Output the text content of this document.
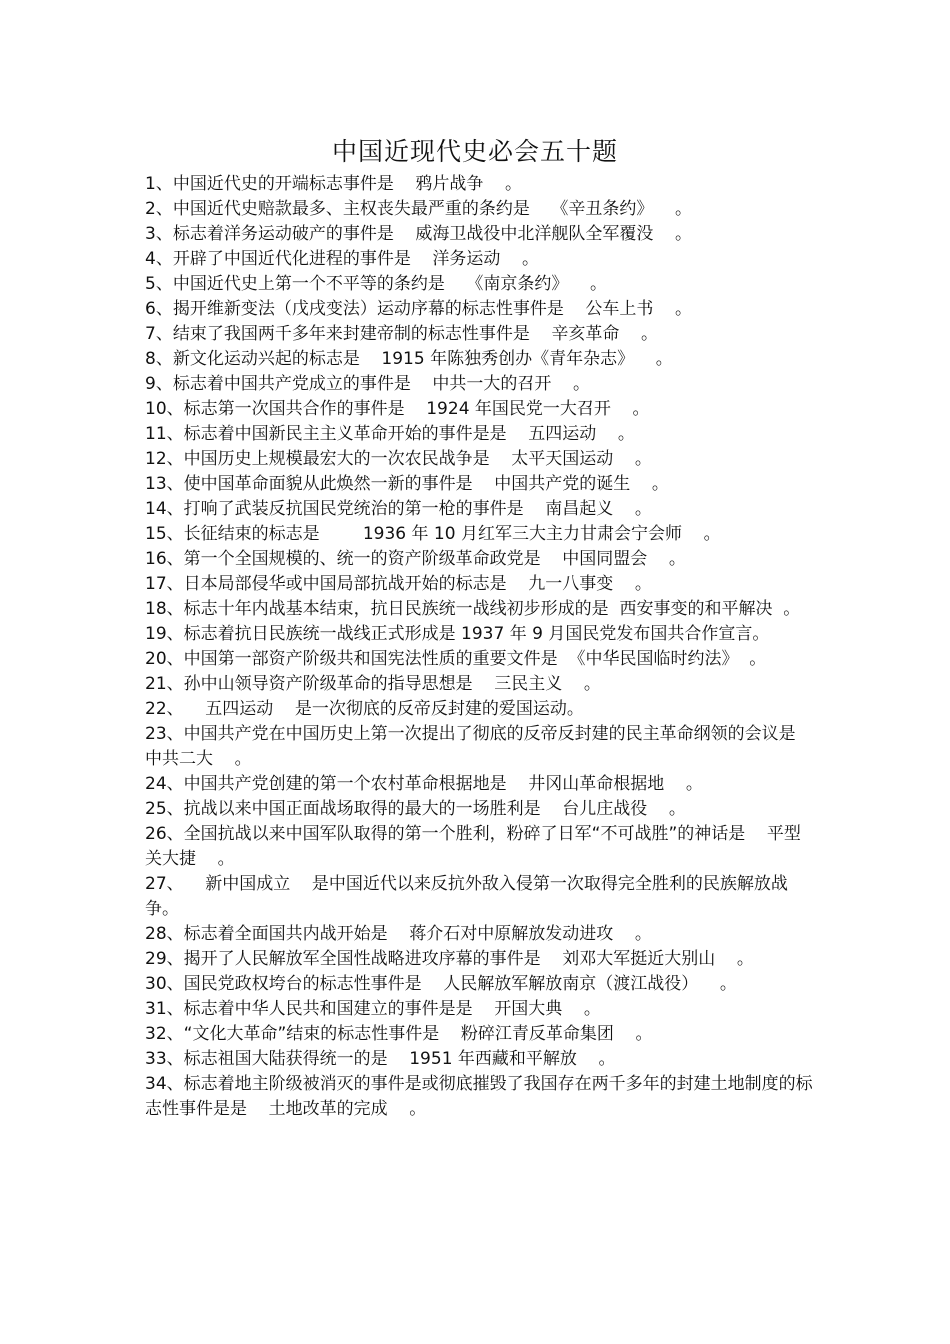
中国近现代史必会五十题

1、中国近代史的开端标志事件是    鸦片战争    。

2、中国近代史赔款最多、主权丧失最严重的条约是    《辛丑条约》    。

3、标志着洋务运动破产的事件是    威海卫战役中北洋舰队全军覆没    。

4、开辟了中国近代化进程的事件是    洋务运动    。

5、中国近代史上第一个不平等的条约是    《南京条约》    。

6、揭开维新变法（戊戌变法）运动序幕的标志性事件是    公车上书    。

7、结束了我国两千多年来封建帝制的标志性事件是    辛亥革命    。

8、新文化运动兴起的标志是    1915 年陈独秀创办《青年杂志》    。

9、标志着中国共产党成立的事件是    中共一大的召开    。

10、标志第一次国共合作的事件是    1924 年国民党一大召开    。

11、标志着中国新民主主义革命开始的事件是是    五四运动    。

12、中国历史上规模最宏大的一次农民战争是    太平天国运动    。

13、使中国革命面貌从此焕然一新的事件是    中国共产党的诞生    。

14、打响了武装反抗国民党统治的第一枪的事件是    南昌起义    。

15、长征结束的标志是        1936 年 10 月红军三大主力甘肃会宁会师    。

16、第一个全国规模的、统一的资产阶级革命政党是    中国同盟会    。

17、日本局部侵华或中国局部抗战开始的标志是    九一八事变    。

18、标志十年内战基本结束，抗日民族统一战线初步形成的是  西安事变的和平解决  。

19、标志着抗日民族统一战线正式形成是 1937 年 9 月国民党发布国共合作宣言。

20、中国第一部资产阶级共和国宪法性质的重要文件是  《中华民国临时约法》  。

21、孙中山领导资产阶级革命的指导思想是    三民主义    。

22、    五四运动    是一次彻底的反帝反封建的爱国运动。

23、中国共产党在中国历史上第一次提出了彻底的反帝反封建的民主革命纲领的会议是    中共二大    。

24、中国共产党创建的第一个农村革命根据地是    井冈山革命根据地    。

25、抗战以来中国正面战场取得的最大的一场胜利是    台儿庄战役    。

26、全国抗战以来中国军队取得的第一个胜利，粉碎了日军“不可战胜”的神话是    平型关大捷    。

27、    新中国成立    是中国近代以来反抗外敌入侵第一次取得完全胜利的民族解放战争。

28、标志着全面国共内战开始是    蒋介石对中原解放发动进攻    。

29、揭开了人民解放军全国性战略进攻序幕的事件是    刘邓大军挺近大别山    。

30、国民党政权垮台的标志性事件是    人民解放军解放南京（渡江战役）    。

31、标志着中华人民共和国建立的事件是是    开国大典    。

32、“文化大革命”结束的标志性事件是    粉碎江青反革命集团    。

33、标志祖国大陆获得统一的是    1951 年西藏和平解放    。

34、标志着地主阶级被消灭的事件是或彻底摧毁了我国存在两千多年的封建土地制度的标志性事件是是    土地改革的完成    。
